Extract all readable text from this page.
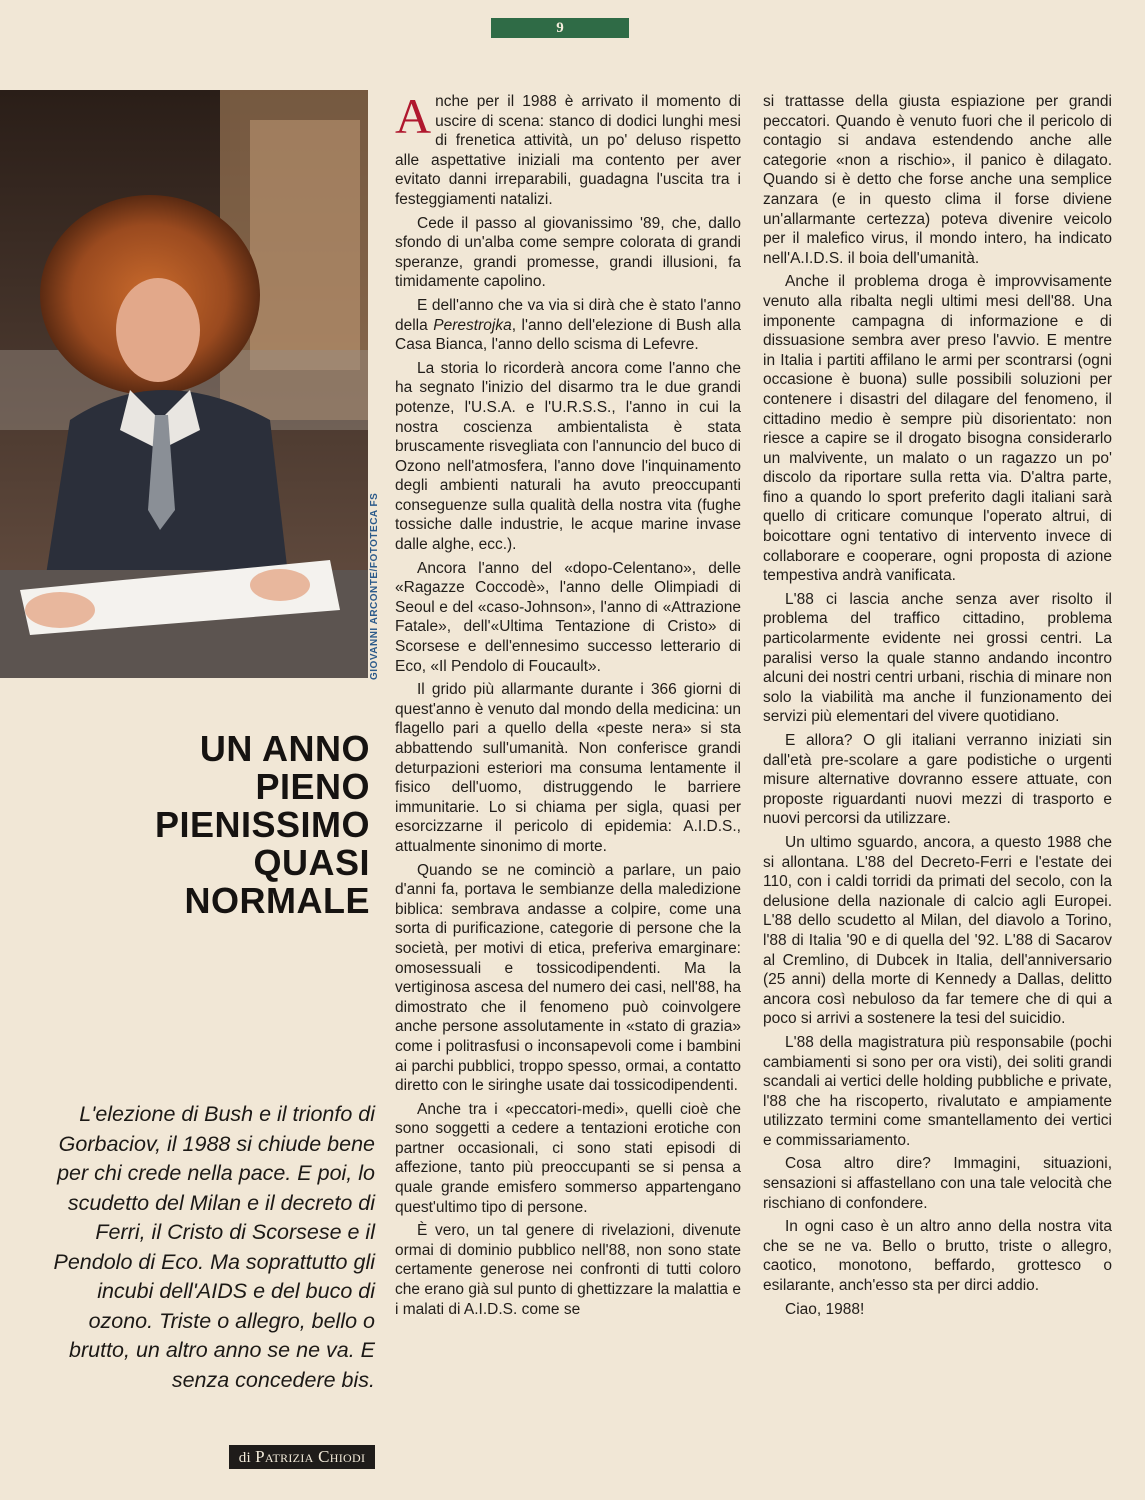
9
GIOVANNI ARCONTE/FOTOTECA FS
UN ANNO
PIENO
PIENISSIMO
QUASI
NORMALE
L'elezione di Bush e il trionfo di Gorbaciov, il 1988 si chiude bene per chi crede nella pace. E poi, lo scudetto del Milan e il decreto di Ferri, il Cristo di Scorsese e il Pendolo di Eco. Ma soprattutto gli incubi dell'AIDS e del buco di ozono. Triste o allegro, bello o brutto, un altro anno se ne va. E senza concedere bis.
di Patrizia Chiodi

Anche per il 1988 è arrivato il momento di uscire di scena: stanco di dodici lunghi mesi di frenetica attività, un po' deluso rispetto alle aspettative iniziali ma contento per aver evitato danni irreparabili, guadagna l'uscita tra i festeggiamenti natalizi.

Cede il passo al giovanissimo '89, che, dallo sfondo di un'alba come sempre colorata di grandi speranze, grandi promesse, grandi illusioni, fa timidamente capolino.

E dell'anno che va via si dirà che è stato l'anno della Perestrojka, l'anno dell'elezione di Bush alla Casa Bianca, l'anno dello scisma di Lefevre.

La storia lo ricorderà ancora come l'anno che ha segnato l'inizio del disarmo tra le due grandi potenze, l'U.S.A. e l'U.R.S.S., l'anno in cui la nostra coscienza ambientalista è stata bruscamente risvegliata con l'annuncio del buco di Ozono nell'atmosfera, l'anno dove l'inquinamento degli ambienti naturali ha avuto preoccupanti conseguenze sulla qualità della nostra vita (fughe tossiche dalle industrie, le acque marine invase dalle alghe, ecc.).

Ancora l'anno del «dopo-Celentano», delle «Ragazze Coccodè», l'anno delle Olimpiadi di Seoul e del «caso-Johnson», l'anno di «Attrazione Fatale», dell'«Ultima Tentazione di Cristo» di Scorsese e dell'ennesimo successo letterario di Eco, «Il Pendolo di Foucault».

Il grido più allarmante durante i 366 giorni di quest'anno è venuto dal mondo della medicina: un flagello pari a quello della «peste nera» si sta abbattendo sull'umanità. Non conferisce grandi deturpazioni esteriori ma consuma lentamente il fisico dell'uomo, distruggendo le barriere immunitarie. Lo si chiama per sigla, quasi per esorcizzarne il pericolo di epidemia: A.I.D.S., attualmente sinonimo di morte.

Quando se ne cominciò a parlare, un paio d'anni fa, portava le sembianze della maledizione biblica: sembrava andasse a colpire, come una sorta di purificazione, categorie di persone che la società, per motivi di etica, preferiva emarginare: omosessuali e tossicodipendenti. Ma la vertiginosa ascesa del numero dei casi, nell'88, ha dimostrato che il fenomeno può coinvolgere anche persone assolutamente in «stato di grazia» come i politrasfusi o inconsapevoli come i bambini ai parchi pubblici, troppo spesso, ormai, a contatto diretto con le siringhe usate dai tossicodipendenti.

Anche tra i «peccatori-medi», quelli cioè che sono soggetti a cedere a tentazioni erotiche con partner occasionali, ci sono stati episodi di affezione, tanto più preoccupanti se si pensa a quale grande emisfero sommerso appartengano quest'ultimo tipo di persone.

È vero, un tal genere di rivelazioni, divenute ormai di dominio pubblico nell'88, non sono state certamente generose nei confronti di tutti coloro che erano già sul punto di ghettizzare la malattia e i malati di A.I.D.S. come se

si trattasse della giusta espiazione per grandi peccatori. Quando è venuto fuori che il pericolo di contagio si andava estendendo anche alle categorie «non a rischio», il panico è dilagato. Quando si è detto che forse anche una semplice zanzara (e in questo clima il forse diviene un'allarmante certezza) poteva divenire veicolo per il malefico virus, il mondo intero, ha indicato nell'A.I.D.S. il boia dell'umanità.

Anche il problema droga è improvvisamente venuto alla ribalta negli ultimi mesi dell'88. Una imponente campagna di informazione e di dissuasione sembra aver preso l'avvio. E mentre in Italia i partiti affilano le armi per scontrarsi (ogni occasione è buona) sulle possibili soluzioni per contenere i disastri del dilagare del fenomeno, il cittadino medio è sempre più disorientato: non riesce a capire se il drogato bisogna considerarlo un malvivente, un malato o un ragazzo un po' discolo da riportare sulla retta via. D'altra parte, fino a quando lo sport preferito dagli italiani sarà quello di criticare comunque l'operato altrui, di boicottare ogni tentativo di intervento invece di collaborare e cooperare, ogni proposta di azione tempestiva andrà vanificata.

L'88 ci lascia anche senza aver risolto il problema del traffico cittadino, problema particolarmente evidente nei grossi centri. La paralisi verso la quale stanno andando incontro alcuni dei nostri centri urbani, rischia di minare non solo la viabilità ma anche il funzionamento dei servizi più elementari del vivere quotidiano.

E allora? O gli italiani verranno iniziati sin dall'età pre-scolare a gare podistiche o urgenti misure alternative dovranno essere attuate, con proposte riguardanti nuovi mezzi di trasporto e nuovi percorsi da utilizzare.

Un ultimo sguardo, ancora, a questo 1988 che si allontana. L'88 del Decreto-Ferri e l'estate dei 110, con i caldi torridi da primati del secolo, con la delusione della nazionale di calcio agli Europei. L'88 dello scudetto al Milan, del diavolo a Torino, l'88 di Italia '90 e di quella del '92. L'88 di Sacarov al Cremlino, di Dubcek in Italia, dell'anniversario (25 anni) della morte di Kennedy a Dallas, delitto ancora così nebuloso da far temere che di qui a poco si arrivi a sostenere la tesi del suicidio.

L'88 della magistratura più responsabile (pochi cambiamenti si sono per ora visti), dei soliti grandi scandali ai vertici delle holding pubbliche e private, l'88 che ha riscoperto, rivalutato e ampiamente utilizzato termini come smantellamento dei vertici e commissariamento.

Cosa altro dire? Immagini, situazioni, sensazioni si affastellano con una tale velocità che rischiano di confondere.

In ogni caso è un altro anno della nostra vita che se ne va. Bello o brutto, triste o allegro, caotico, monotono, beffardo, grottesco o esilarante, anch'esso sta per dirci addio.

Ciao, 1988!
